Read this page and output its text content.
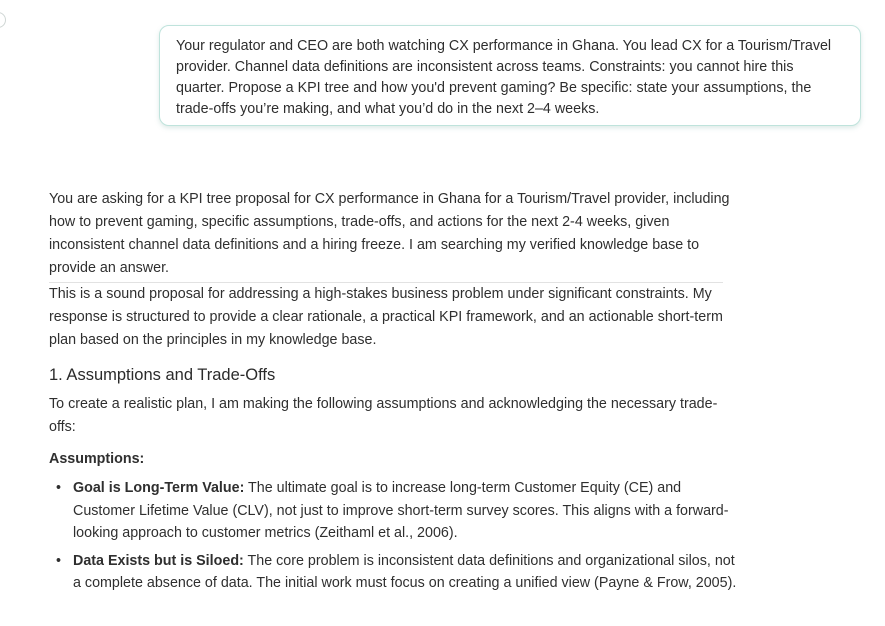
Your regulator and CEO are both watching CX performance in Ghana. You lead CX for a Tourism/Travel provider. Channel data definitions are inconsistent across teams. Constraints: you cannot hire this quarter. Propose a KPI tree and how you'd prevent gaming? Be specific: state your assumptions, the trade-offs you’re making, and what you’d do in the next 2–4 weeks.

You are asking for a KPI tree proposal for CX performance in Ghana for a Tourism/Travel provider, including how to prevent gaming, specific assumptions, trade-offs, and actions for the next 2-4 weeks, given inconsistent channel data definitions and a hiring freeze. I am searching my verified knowledge base to provide an answer.

This is a sound proposal for addressing a high-stakes business problem under significant constraints. My response is structured to provide a clear rationale, a practical KPI framework, and an actionable short-term plan based on the principles in my knowledge base.

1. Assumptions and Trade-Offs

To create a realistic plan, I am making the following assumptions and acknowledging the necessary trade-offs:

Assumptions:

• Goal is Long-Term Value: The ultimate goal is to increase long-term Customer Equity (CE) and Customer Lifetime Value (CLV), not just to improve short-term survey scores. This aligns with a forward-looking approach to customer metrics (Zeithaml et al., 2006).
• Data Exists but is Siloed: The core problem is inconsistent data definitions and organizational silos, not a complete absence of data. The initial work must focus on creating a unified view (Payne & Frow, 2005).
